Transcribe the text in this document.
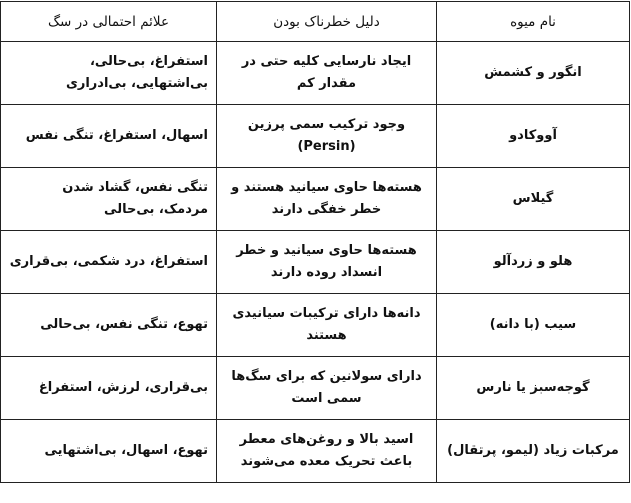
نام میوه	دلیل خطرناک بودن	علائم احتمالی در سگ
انگور و کشمش	ایجاد نارسایی کلیه حتی در مقدار کم	استفراغ، بی‌حالی، بی‌اشتهایی، بی‌ادراری
آووکادو	وجود ترکیب سمی پرزین (Persin)	اسهال، استفراغ، تنگی نفس
گیلاس	هسته‌ها حاوی سیانید هستند و خطر خفگی دارند	تنگی نفس، گشاد شدن مردمک، بی‌حالی
هلو و زردآلو	هسته‌ها حاوی سیانید و خطر انسداد روده دارند	استفراغ، درد شکمی، بی‌قراری
سیب (با دانه)	دانه‌ها دارای ترکیبات سیانیدی هستند	تهوع، تنگی نفس، بی‌حالی
گوجه‌سبز یا نارس	دارای سولانین که برای سگ‌ها سمی است	بی‌قراری، لرزش، استفراغ
مرکبات زیاد (لیمو، پرتقال)	اسید بالا و روغن‌های معطر باعث تحریک معده می‌شوند	تهوع، اسهال، بی‌اشتهایی
